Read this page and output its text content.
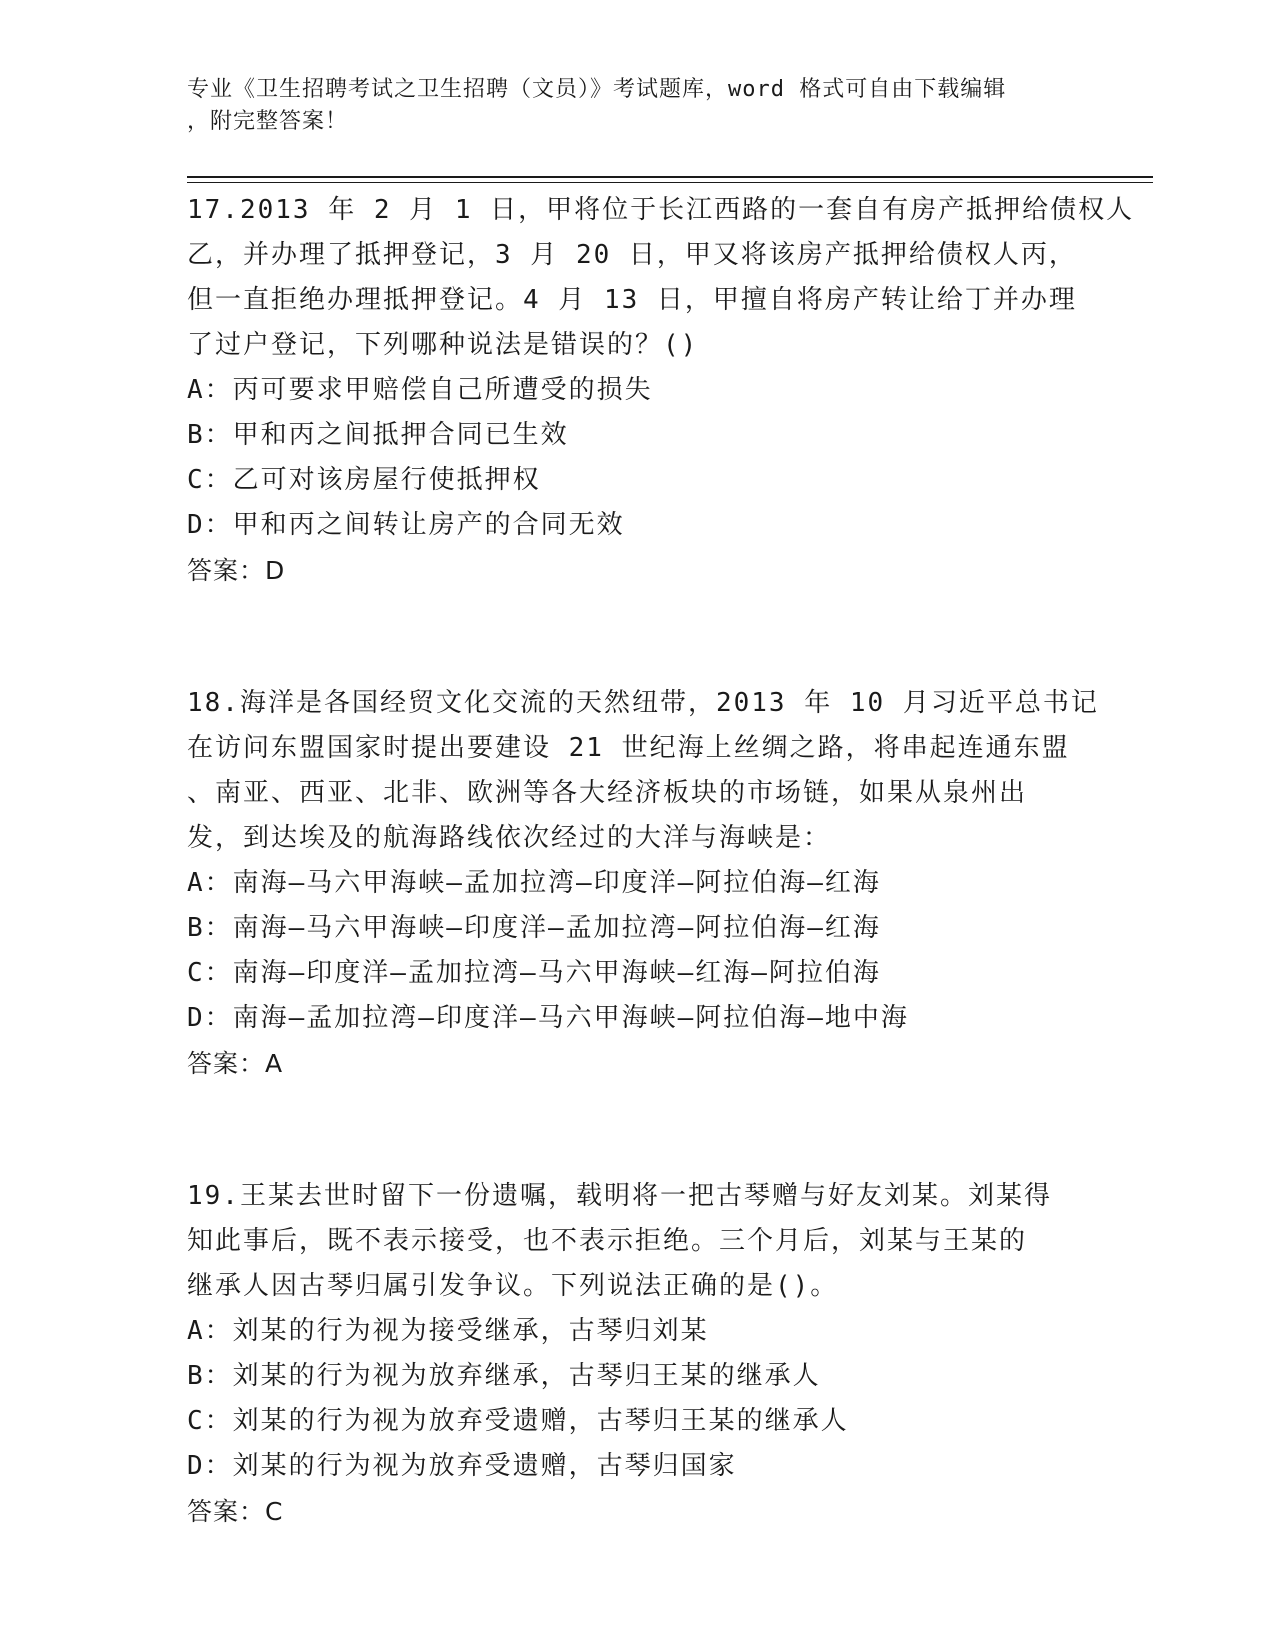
专业《卫生招聘考试之卫生招聘（文员）》考试题库，word 格式可自由下载编辑
，附完整答案！
17.2013 年 2 月 1 日，甲将位于长江西路的一套自有房产抵押给债权人
乙，并办理了抵押登记，3 月 20 日，甲又将该房产抵押给债权人丙，
但一直拒绝办理抵押登记。4 月 13 日，甲擅自将房产转让给丁并办理
了过户登记，下列哪种说法是错误的？()
A：丙可要求甲赔偿自己所遭受的损失
B：甲和丙之间抵押合同已生效
C：乙可对该房屋行使抵押权
D：甲和丙之间转让房产的合同无效
答案：D
18.海洋是各国经贸文化交流的天然纽带，2013 年 10 月习近平总书记
在访问东盟国家时提出要建设 21 世纪海上丝绸之路，将串起连通东盟
、南亚、西亚、北非、欧洲等各大经济板块的市场链，如果从泉州出
发，到达埃及的航海路线依次经过的大洋与海峡是：
A：南海—马六甲海峡—孟加拉湾—印度洋—阿拉伯海—红海
B：南海—马六甲海峡—印度洋—孟加拉湾—阿拉伯海—红海
C：南海—印度洋—孟加拉湾—马六甲海峡—红海—阿拉伯海
D：南海—孟加拉湾—印度洋—马六甲海峡—阿拉伯海—地中海
答案：A
19.王某去世时留下一份遗嘱，载明将一把古琴赠与好友刘某。刘某得
知此事后，既不表示接受，也不表示拒绝。三个月后，刘某与王某的
继承人因古琴归属引发争议。下列说法正确的是()。
A：刘某的行为视为接受继承，古琴归刘某
B：刘某的行为视为放弃继承，古琴归王某的继承人
C：刘某的行为视为放弃受遗赠，古琴归王某的继承人
D：刘某的行为视为放弃受遗赠，古琴归国家
答案：C
